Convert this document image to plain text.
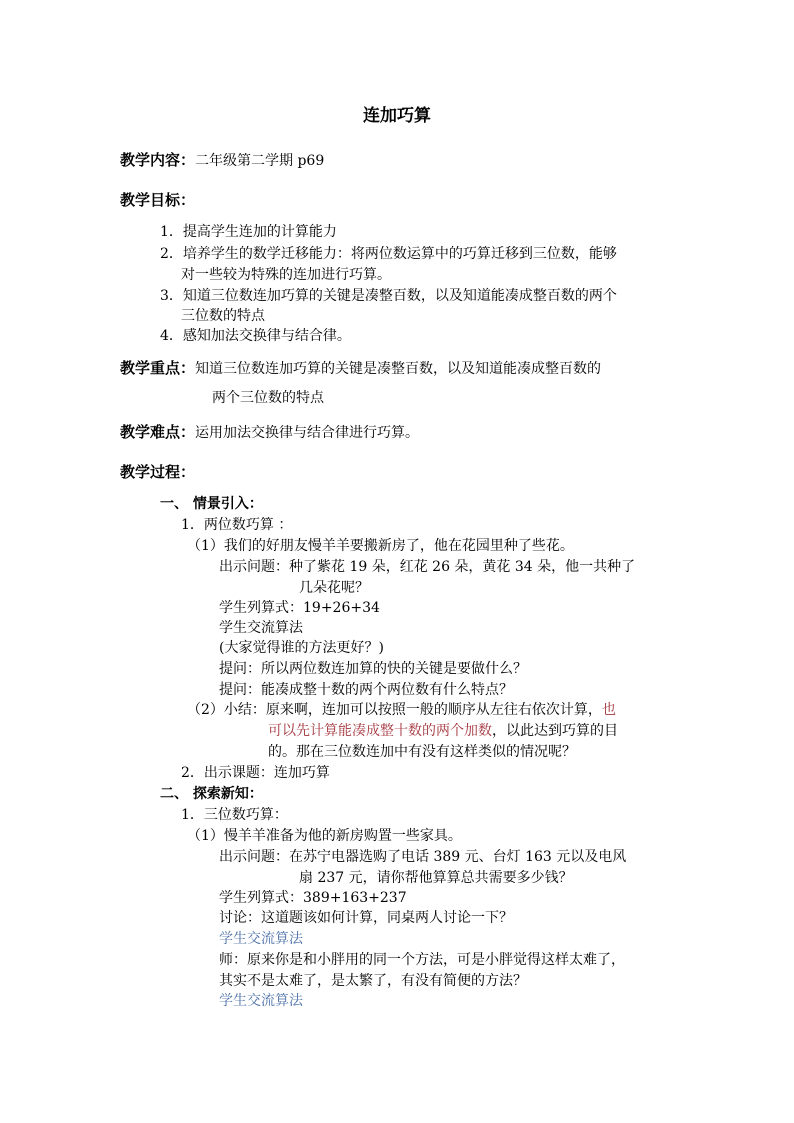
连加巧算
教学内容：二年级第二学期 p69
教学目标：
1．提高学生连加的计算能力
2．培养学生的数学迁移能力：将两位数运算中的巧算迁移到三位数，能够
对一些较为特殊的连加进行巧算。
3．知道三位数连加巧算的关键是凑整百数，以及知道能凑成整百数的两个
三位数的特点
4．感知加法交换律与结合律。
教学重点：知道三位数连加巧算的关键是凑整百数，以及知道能凑成整百数的
两个三位数的特点
教学难点：运用加法交换律与结合律进行巧算。
教学过程：
一、 情景引入：
1．两位数巧算 ：
（1）我们的好朋友慢羊羊要搬新房了，他在花园里种了些花。
出示问题：种了紫花 19 朵，红花 26 朵，黄花 34 朵，他一共种了
几朵花呢？
学生列算式：19+26+34
学生交流算法
(大家觉得谁的方法更好？)
提问：所以两位数连加算的快的关键是要做什么？
提问：能凑成整十数的两个两位数有什么特点？
（2）小结：原来啊，连加可以按照一般的顺序从左往右依次计算，也
可以先计算能凑成整十数的两个加数，以此达到巧算的目
的。那在三位数连加中有没有这样类似的情况呢？
2．出示课题：连加巧算
二、 探索新知：
1．三位数巧算：
（1）慢羊羊准备为他的新房购置一些家具。
出示问题：在苏宁电器选购了电话 389 元、台灯 163 元以及电风
扇 237 元，请你帮他算算总共需要多少钱？
学生列算式：389+163+237
讨论：这道题该如何计算，同桌两人讨论一下？
学生交流算法
师：原来你是和小胖用的同一个方法，可是小胖觉得这样太难了，
其实不是太难了，是太繁了，有没有简便的方法？
学生交流算法
